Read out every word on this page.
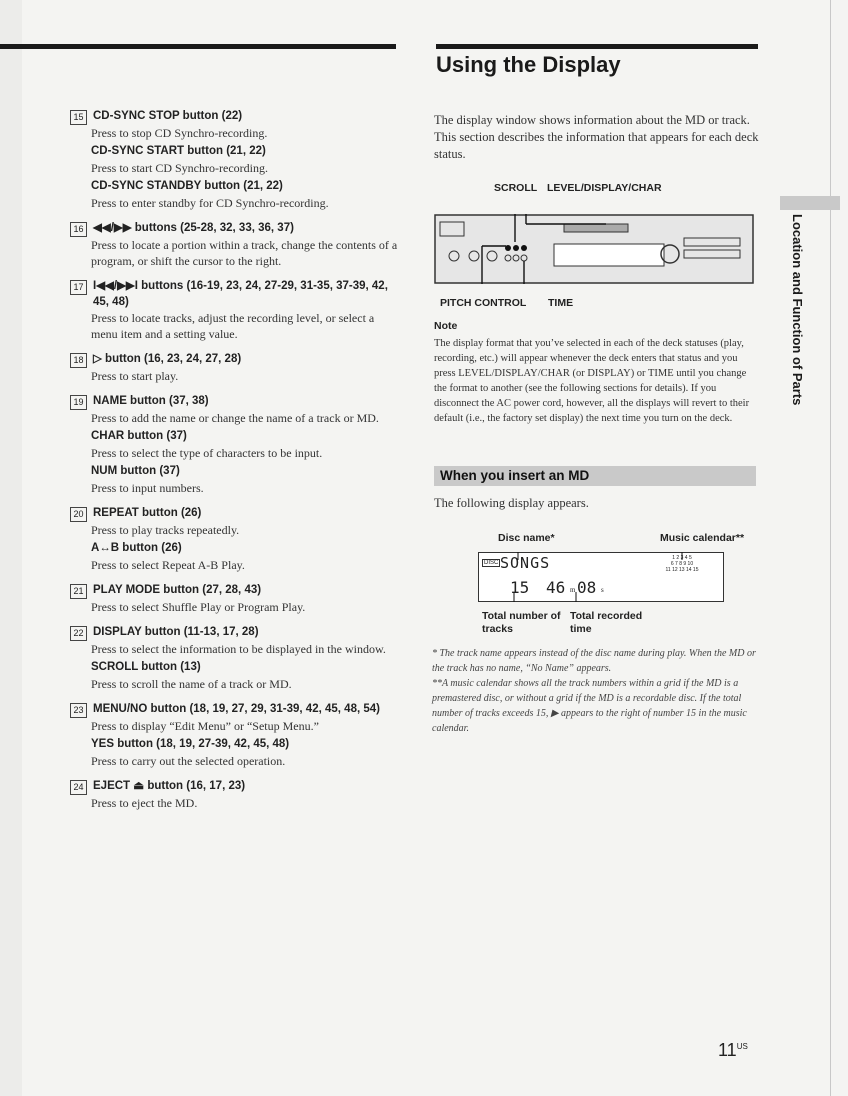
Using the Display
15 CD-SYNC STOP button (22)
Press to stop CD Synchro-recording.
CD-SYNC START button (21, 22)
Press to start CD Synchro-recording.
CD-SYNC STANDBY button (21, 22)
Press to enter standby for CD Synchro-recording.
16 ◀◀/▶▶ buttons (25-28, 32, 33, 36, 37)
Press to locate a portion within a track, change the contents of a program, or shift the cursor to the right.
17 I◀◀/▶▶I buttons (16-19, 23, 24, 27-29, 31-35, 37-39, 42, 45, 48)
Press to locate tracks, adjust the recording level, or select a menu item and a setting value.
18 ▷ button (16, 23, 24, 27, 28)
Press to start play.
19 NAME button (37, 38)
Press to add the name or change the name of a track or MD.
CHAR button (37)
Press to select the type of characters to be input.
NUM button (37)
Press to input numbers.
20 REPEAT button (26)
Press to play tracks repeatedly.
A↔B button (26)
Press to select Repeat A-B Play.
21 PLAY MODE button (27, 28, 43)
Press to select Shuffle Play or Program Play.
22 DISPLAY button (11-13, 17, 28)
Press to select the information to be displayed in the window.
SCROLL button (13)
Press to scroll the name of a track or MD.
23 MENU/NO button (18, 19, 27, 29, 31-39, 42, 45, 48, 54)
Press to display “Edit Menu” or “Setup Menu.”
YES button (18, 19, 27-39, 42, 45, 48)
Press to carry out the selected operation.
24 EJECT ⏏ button (16, 17, 23)
Press to eject the MD.
The display window shows information about the MD or track. This section describes the information that appears for each deck status.
SCROLL LEVEL/DISPLAY/CHAR
PITCH CONTROL TIME
Note
The display format that you’ve selected in each of the deck statuses (play, recording, etc.) will appear whenever the deck enters that status and you press LEVEL/DISPLAY/CHAR (or DISPLAY) or TIME until you change the format to another (see the following sections for details). If you disconnect the AC power cord, however, all the displays will revert to their default (i.e., the factory set display) the next time you turn on the deck.
When you insert an MD
The following display appears.
Disc name*	Music calendar**
DISC SONGS
15 46 m 08 s
1 2 3 4 5
6 7 8 9 10
11 12 13 14 15
Total number of tracks
Total recorded time
* The track name appears instead of the disc name during play. When the MD or the track has no name, “No Name” appears.
**A music calendar shows all the track numbers within a grid if the MD is a premastered disc, or without a grid if the MD is a recordable disc. If the total number of tracks exceeds 15, ▶ appears to the right of number 15 in the music calendar.
Location and Function of Parts
$11^{US}$
